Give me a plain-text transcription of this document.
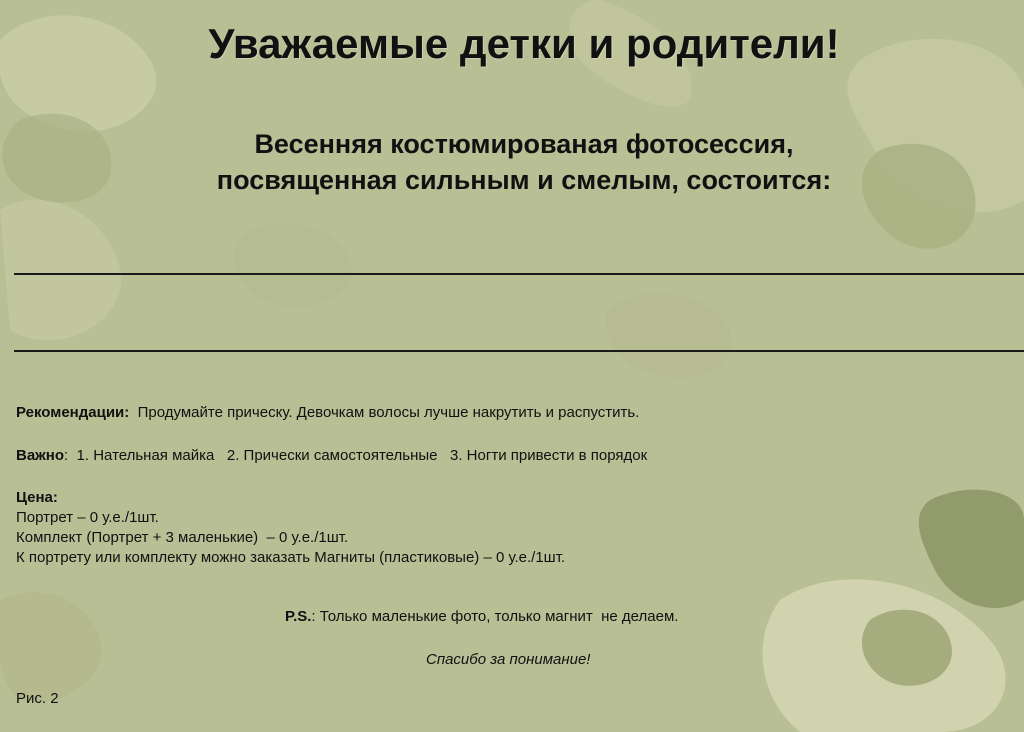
Уважаемые детки и родители!
Весенняя костюмированая фотосессия,
посвященная сильным и смелым, состоится:
Рекомендации: Продумайте прическу. Девочкам волосы лучше накрутить и распустить.
Важно:  1. Нательная майка   2. Прически самостоятельные   3. Ногти привести в порядок
Цена:
Портрет – 0 у.е./1шт.
Комплект (Портрет + 3 маленькие)  – 0 у.е./1шт.
К портрету или комплекту можно заказать Магниты (пластиковые) – 0 у.е./1шт.
P.S.: Только маленькие фото, только магнит  не делаем.
Спасибо за понимание!
Рис. 2
